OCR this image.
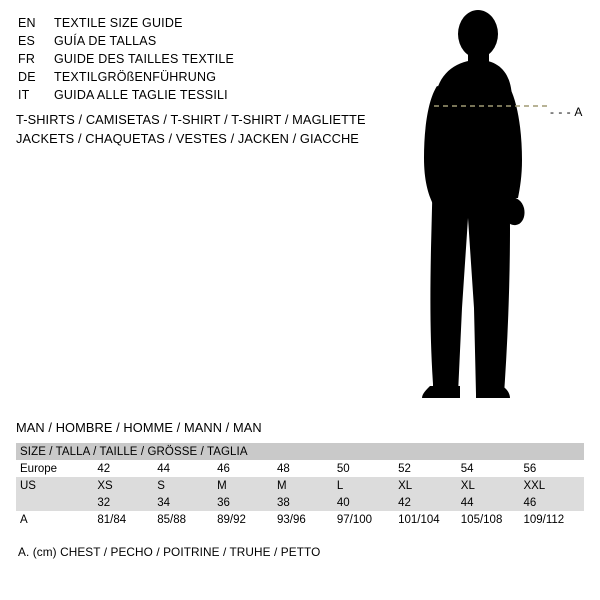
EN	TEXTILE SIZE GUIDE
ES	GUÍA DE TALLAS
FR	GUIDE DES TAILLES TEXTILE
DE	TEXTILGRÖßENFÜHRUNG
IT	GUIDA ALLE TAGLIE TESSILI
T-SHIRTS / CAMISETAS / T-SHIRT / T-SHIRT / MAGLIETTE
JACKETS / CHAQUETAS / VESTES / JACKEN / GIACCHE
- - - A
MAN / HOMBRE / HOMME / MANN / MAN
SIZE / TALLA / TAILLE / GRÖSSE / TAGLIA								
Europe	42	44	46	48	50	52	54	56
US	XS	S	M	M	L	XL	XL	XXL
	32	34	36	38	40	42	44	46
A	81/84	85/88	89/92	93/96	97/100	101/104	105/108	109/112
A. (cm) CHEST / PECHO / POITRINE / TRUHE / PETTO
